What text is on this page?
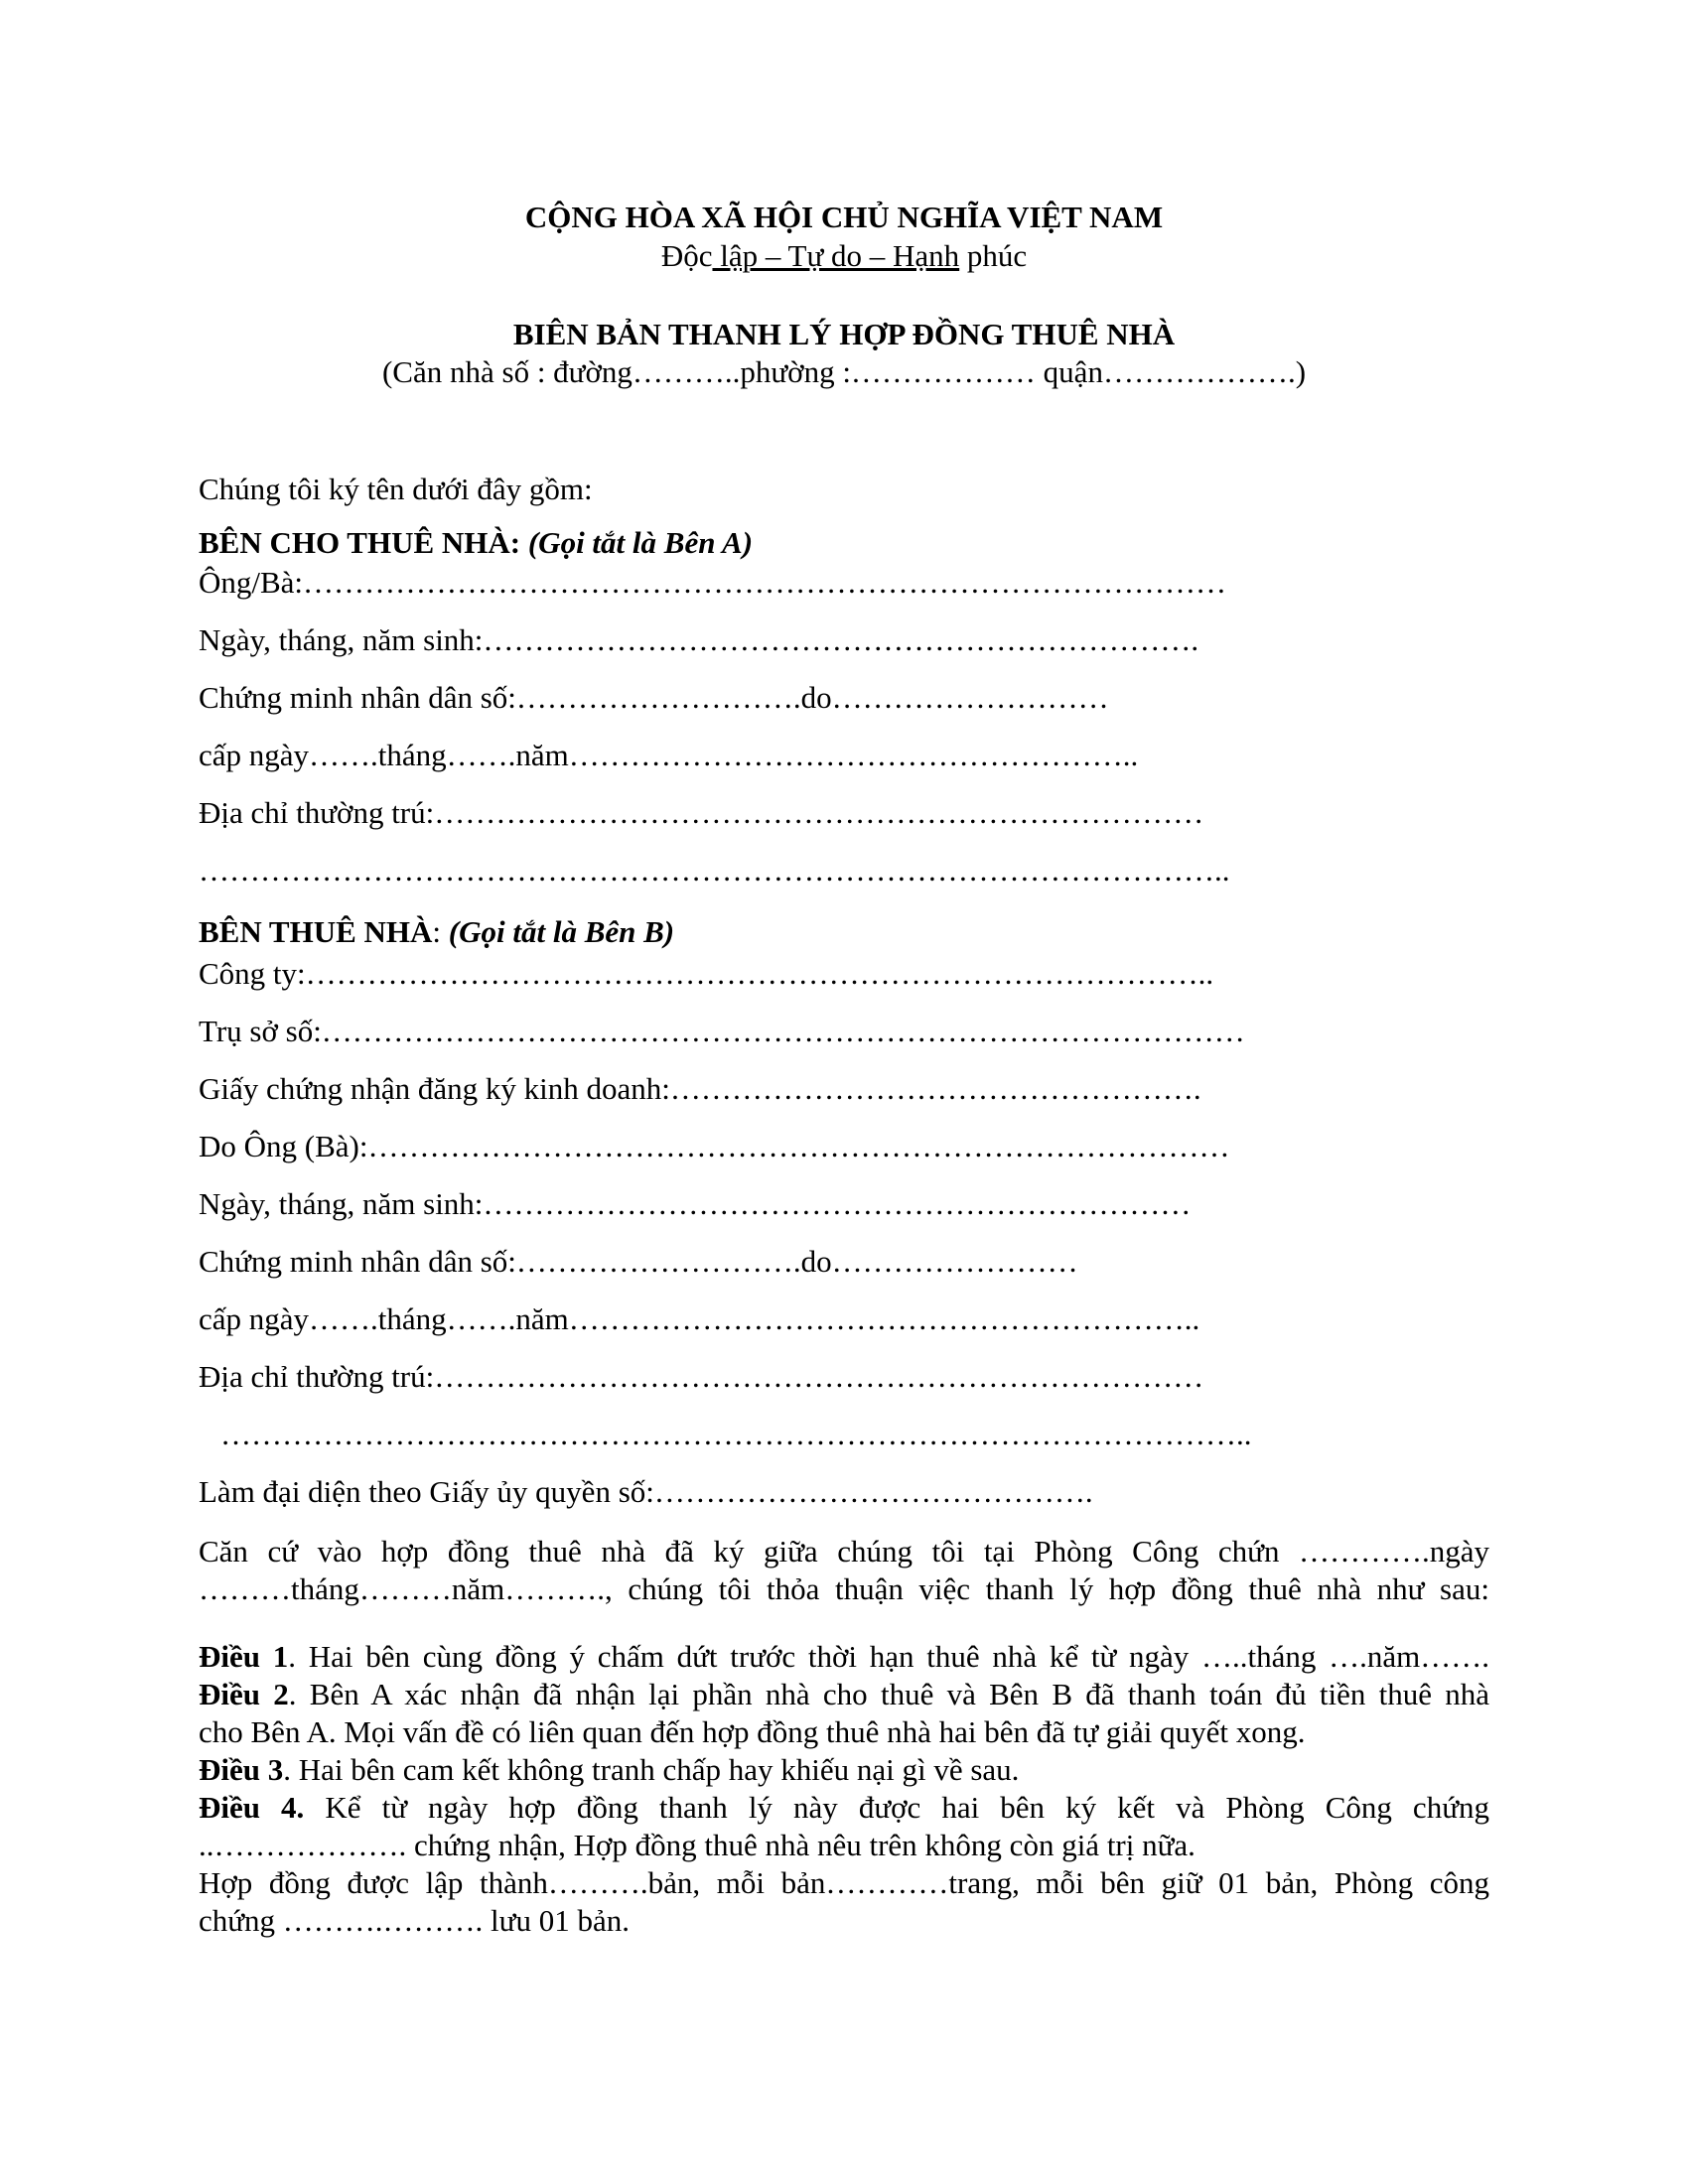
CỘNG HÒA XÃ HỘI CHỦ NGHĨA VIỆT NAM
Độc lập – Tự do – Hạnh phúc
BIÊN BẢN THANH LÝ HỢP ĐỒNG THUÊ NHÀ
(Căn nhà số : đường………..phường :……………… quận……………….)
Chúng tôi ký tên dưới đây gồm:
BÊN CHO THUÊ NHÀ: (Gọi tắt là Bên A)
Ông/Bà:………………………………………………………………………………
Ngày, tháng, năm sinh:…………………………………………………………….
Chứng minh nhân dân số:……………………….do………………………
cấp ngày…….tháng…….năm………………………………………………..
Địa chỉ thường trú:…………………………………………………………………
………………………………………………………………………………………..
BÊN THUÊ NHÀ: (Gọi tắt là Bên B)
Công ty:……………………………………………………………………………..
Trụ sở số:………………………………………………………………………………
Giấy chứng nhận đăng ký kinh doanh:…………………………………………….
Do Ông (Bà):…………………………………………………………………………
Ngày, tháng, năm sinh:……………………………………………………………
Chứng minh nhân dân số:……………………….do……………………
cấp ngày…….tháng…….năm……………………………………………………..
Địa chỉ thường trú:…………………………………………………………………
………………………………………………………………………………………..
Làm đại diện theo Giấy ủy quyền số:…………………………………….
Căn cứ vào hợp đồng thuê nhà đã ký giữa chúng tôi tại Phòng Công chứn ………….ngày
………tháng………năm………., chúng tôi thỏa thuận việc thanh lý hợp đồng thuê nhà như sau:
Điều 1. Hai bên cùng đồng ý chấm dứt trước thời hạn thuê nhà kể từ ngày …..tháng ….năm…….
Điều 2. Bên A xác nhận đã nhận lại phần nhà cho thuê và Bên B đã thanh toán đủ tiền thuê nhà
cho Bên A. Mọi vấn đề có liên quan đến hợp đồng thuê nhà hai bên đã tự giải quyết xong.
Điều 3. Hai bên cam kết không tranh chấp hay khiếu nại gì về sau.
Điều 4. Kể từ ngày hợp đồng thanh lý này được hai bên ký kết và Phòng Công chứng
..………………. chứng nhận, Hợp đồng thuê nhà nêu trên không còn giá trị nữa.
Hợp đồng được lập thành……….bản, mỗi bản…………trang, mỗi bên giữ 01 bản, Phòng công
chứng ……….………. lưu 01 bản.
